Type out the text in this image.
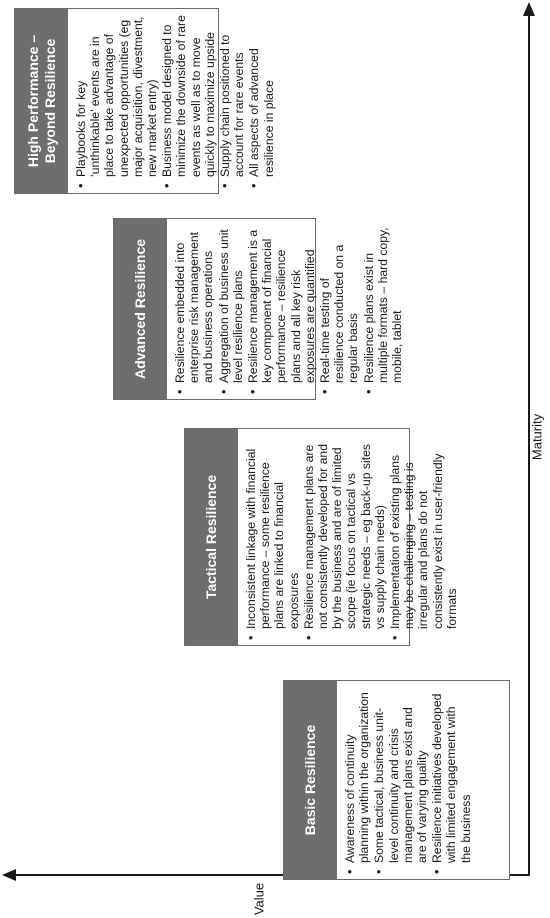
Maturity
Value
Basic Resilience	• Awareness of continuity planning within the organization • Some tactical, business unit-level continuity and crisis management plans exist and are of varying quality • Resilience initiatives developed with limited engagement with the business
Tactical Resilience	• Inconsistent linkage with financial performance – some resilience plans are linked to financial exposures • Resilience management plans are not consistently developed for and by the business and are of limited scope (ie focus on tactical vs strategic needs – eg back-up sites vs supply chain needs) • Implementation of existing plans may be challenging – testing is irregular and plans do not consistently exist in user-friendly formats
Advanced Resilience	• Resilience embedded into enterprise risk management and business operations • Aggregation of business unit level resilience plans • Resilience management is a key component of financial performance – resilience plans and all key risk exposures are quantified • Real-time testing of resilience conducted on a regular basis • Resilience plans exist in multiple formats – hard copy, mobile, tablet
High Performance – Beyond Resilience	• Playbooks for key ‘unthinkable’ events are in place to take advantage of unexpected opportunities (eg major acquisition, divestment, new market entry) • Business model designed to minimize the downside of rare events as well as to move quickly to maximize upside • Supply chain positioned to account for rare events • All aspects of advanced resilience in place
